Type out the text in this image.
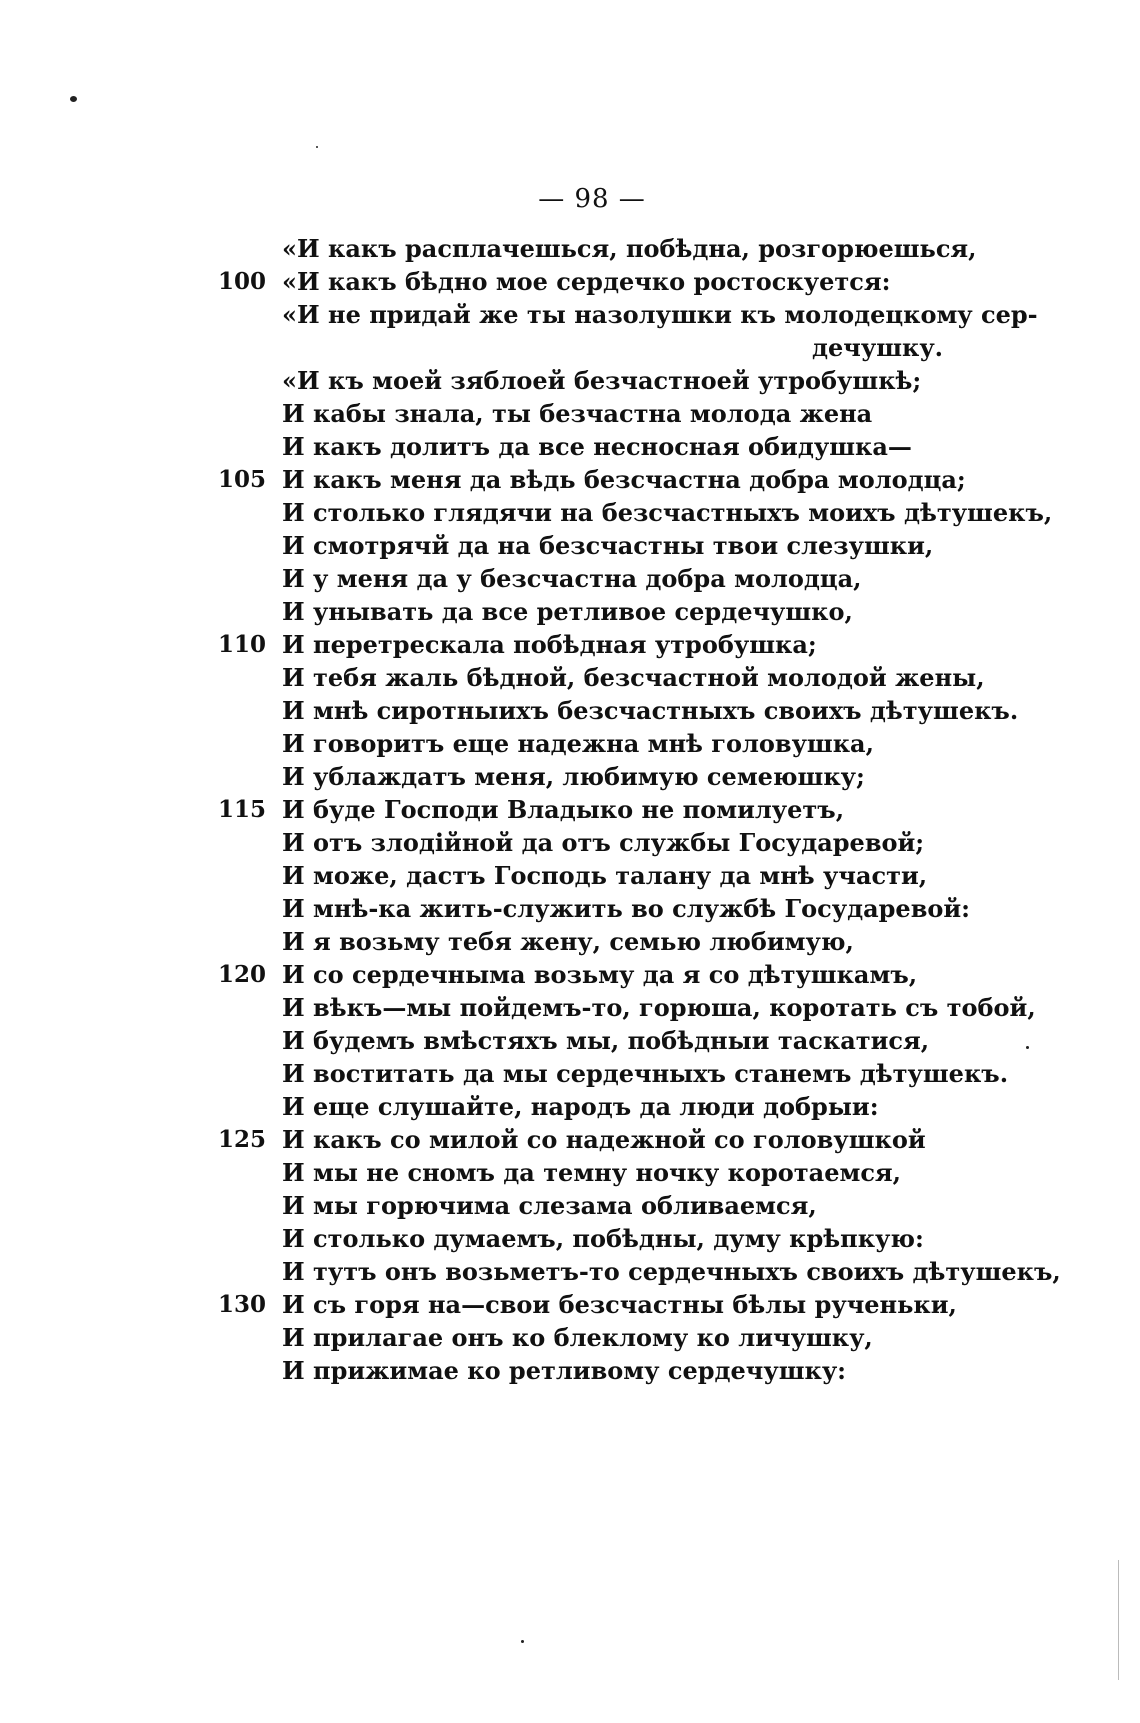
— 98 —
«И какъ расплачешься, побѣдна, розгорюешься,
100 «И какъ бѣдно мое сердечко ростоскуется:
«И не придай же ты назолушки къ молодецкому сер-
дечушку.
«И къ моей зяблоей безчастноей утробушкѣ;
И кабы знала, ты безчастна молода жена
И какъ долитъ да все несносная обидушка—
105 И какъ меня да вѣдь безсчастна добра молодца;
И столько глядячи на безсчастныхъ моихъ дѣтушекъ,
И смотрячй да на безсчастны твои слезушки,
И у меня да у безсчастна добра молодца,
И унывать да все ретливое сердечушко,
110 И перетрескала побѣдная утробушка;
И тебя жаль бѣдной, безсчастной молодой жены,
И мнѣ сиротныихъ безсчастныхъ своихъ дѣтушекъ.
И говоритъ еще надежна мнѣ головушка,
И ублаждатъ меня, любимую семеюшку;
115 И буде Господи Владыко не помилуетъ,
И отъ злодійной да отъ службы Государевой;
И може, дастъ Господь талану да мнѣ участи,
И мнѣ-ка жить-служить во службѣ Государевой:
И я возьму тебя жену, семью любимую,
120 И со сердечныма возьму да я со дѣтушкамъ,
И вѣкъ—мы пойдемъ-то, горюша, коротать съ тобой,
И будемъ вмѣстяхъ мы, побѣдныи таскатися,
И воститать да мы сердечныхъ станемъ дѣтушекъ.
И еще слушайте, народъ да люди добрыи:
125 И какъ со милой со надежной со головушкой
И мы не сномъ да темну ночку коротаемся,
И мы горючима слезама обливаемся,
И столько думаемъ, побѣдны, думу крѣпкую:
И тутъ онъ возьметъ-то сердечныхъ своихъ дѣтушекъ,
130 И съ горя на—свои безсчастны бѣлы рученьки,
И прилагае онъ ко блеклому ко личушку,
И прижимае ко ретливому сердечушку:
